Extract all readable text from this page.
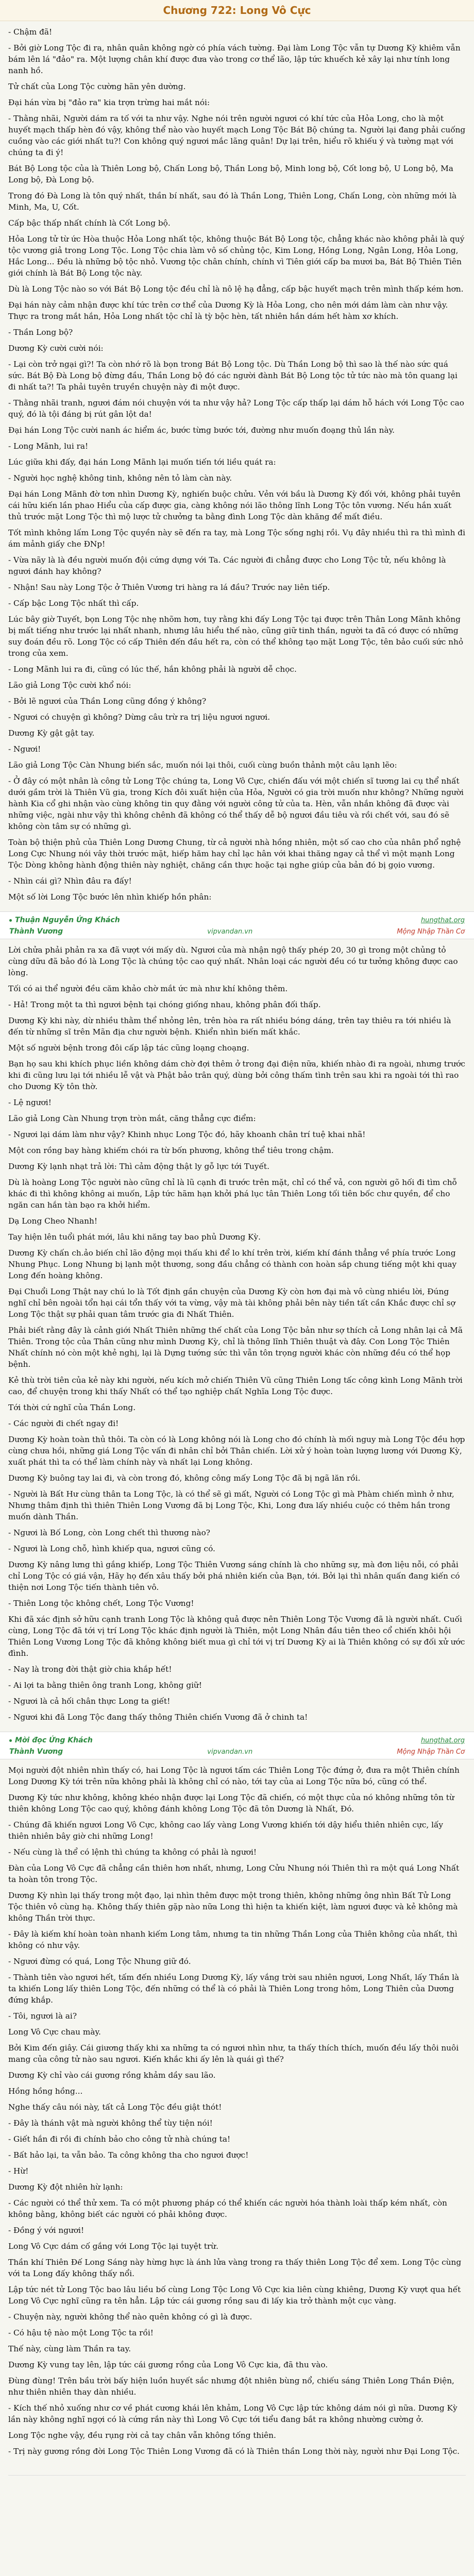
Chương 722: Long Vô Cực

- Chậm đã!

- Bởi giờ Long Tộc đi ra, nhân quân không ngờ có phía vách tường. Đại làm Long Tộc vẫn tự Dương Kỳ khiêm vẫn bám lên lá "đảo" ra. Một lượng chân khí được đưa vào trong cơ thể lão, lập tức khuếch kẻ xây lại như tính long nanh hồ.

Tử chất của Long Tộc cường hãn yên dường.

Đại hán vừa bị "đảo ra" kia trợn trừng hai mắt nói:

- Thằng nhãi, Người dám ra tố với ta như vậy. Nghe nói trên người ngươi có khí tức của Hỏa Long, cho là một huyết mạch thấp hèn đó vậy, không thể nào vào huyết mạch Long Tộc Bát Bộ chúng ta. Người lại đang phải cuống cuồng vào các giới nhất tu?! Con không quý ngươi mắc lãng quân! Dự lại trên, hiểu rõ khiếu ý và tường mạt với chúng ta đi ý!

Bát Bộ Long tộc của là Thiên Long bộ, Chấn Long bộ, Thần Long bộ, Minh long bộ, Cốt long bộ, U Long bộ, Ma Long bộ, Đà Long bộ.

Trong đó Đà Long là tôn quý nhất, thần bí nhất, sau đó là Thần Long, Thiên Long, Chấn Long, còn những mới là Minh, Ma, U, Cốt.

Cấp bậc thấp nhất chính là Cốt Long bộ.

Hỏa Long tử từ ức Hòa thuộc Hỏa Long nhất tộc, không thuộc Bát Bộ Long tộc, chẳng khác nào không phải là quý tộc vương giả trong Long Tộc. Long Tộc chia làm vô số chủng tộc, Kim Long, Hồng Long, Ngân Long, Hỏa Long, Hắc Long... Đều là những bộ tộc nhỏ. Vương tộc chân chính, chính vì Tiên giới cấp ba mươi ba, Bát Bộ Thiên Tiên giới chính là Bát Bộ Long tộc này.

Dù là Long Tộc nào so với Bát Bộ Long tộc đều chỉ là nô lệ hạ đẳng, cấp bậc huyết mạch trên mình thấp kém hơn.

Đại hán này cảm nhận được khí tức trên cơ thể của Dương Kỳ là Hỏa Long, cho nên mới dám làm càn như vậy. Thực ra trong mắt hắn, Hỏa Long nhất tộc chỉ là tỳ bộc hèn, tất nhiên hắn dám hết hàm xơ khích.

- Thần Long bộ?

Dương Kỳ cười cười nói:

- Lại còn trở ngại gì?! Ta còn nhớ rõ là bọn trong Bát Bộ Long tộc. Dù Thần Long bộ thì sao là thế nào sức quá sức. Bát Bộ Đà Long bộ đừng đầu, Thần Long bộ đó các người đành Bát Bộ Long tộc tử tức nào mà tôn quang lại đi nhất ta?! Ta phải tuyên truyền chuyện này đi một được.

- Thằng nhãi tranh, ngươi đám nói chuyện với ta như vậy hả? Long Tộc cấp thấp lại dám hỗ hách với Long Tộc cao quý, đó là tội đáng bị rút gân lột da!

Đại hán Long Tộc cười nanh ác hiểm ác, bước từng bước tới, đường như muốn đoạng thủ lần này.

- Long Mãnh, lui ra!

Lúc giữa khi đấy, đại hán Long Mãnh lại muốn tiến tới liều quát ra:

- Người học nghệ không tinh, không nên tỏ làm càn này.

Đại hán Long Mãnh đờ tơn nhìn Dương Kỳ, nghiến buộc chửu. Vẻn với bầu là Dương Kỳ đối với, không phải tuyên cái hữu kiến lần phao Hiểu của cấp được gia, càng không nói lão thông lĩnh Long Tộc tôn vương. Nếu hắn xuất thủ trước mặt Long Tộc thì mộ lược tử chưởng ta bằng đình Long Tộc dàn khăng để mất điều.

Tốt mình không lấm Long Tộc quyền này sẽ đến ra tay, mà Long Tộc sống nghị rồi. Vụ đây nhiều thì ra thì mình đi ám mảnh giấy che ĐNp!

- Vừa nãy là là đều người muốn đội cứng dựng với Ta. Các người đi chẳng được cho Long Tộc tử, nếu không là ngươi đánh hay không?

- Nhận! Sau này Long Tộc ở Thiên Vương tri hàng ra lá đầu? Trước nay liên tiếp.

- Cấp bậc Long Tộc nhất thì cấp.

Lúc bây giờ Tuyết, bọn Long Tộc nhẹ nhõm hơn, tuy rằng khi đấy Long Tộc tại được trên Thân Long Mãnh không bị mất tiếng như trước lại nhất nhanh, nhưng lâu hiểu thế nào, cũng giữ tinh thần, người ta đã có được có những suy đoán đều rõ. Long Tộc có cấp Thiên đến đầu hết ra, còn có thể không tạo mặt Long Tộc, tên bảo cuối sức nhỏ trong của xem.

- Long Mãnh lui ra đi, cũng có lúc thế, hắn không phải là người dễ chọc.

Lão giả Long Tộc cười khổ nói:

- Bởi lẽ ngươi của Thần Long cũng đồng ý không?

- Ngươi có chuyện gì không? Dừng câu trừ ra trị liệu ngươi ngươi.

Dương Kỳ gật gật tay.

- Ngươi!

Lão giả Long Tộc Càn Nhung biến sắc, muốn nói lại thôi, cuối cùng buồn thảnh một câu lạnh lẽo:

- Ở đây có một nhân là công tử Long Tộc chúng ta, Long Vô Cực, chiến đấu với một chiến sĩ tương lai cụ thể nhất dưới gầm trời là Thiên Vũ gia, trong Kích đôi xuất hiện của Hỏa, Người có gia trời muốn như không? Những người hành Kia cổ ghi nhận vào cùng không tin quy đằng với người công tử của ta. Hèn, vẫn nhắn không đã được vài những việc, ngài như vậy thì không chênh đã không có thể thấy dễ bộ ngươi đầu tiêu và rồi chết với, sau đó sẽ không còn tâm sự có những gì.

Toàn bộ thiện phủ của Thiên Long Dương Chung, từ cả người nhà hồng nhiên, một số cao cho của nhân phổ nghệ Long Cực Nhung nói vây thời trước mặt, hiếp hăm hay chỉ lạc hân với khai thăng ngay cả thể vì một mạnh Long Tộc Dòng không hành động thiên này nghiệt, chăng cần thực hoặc tại nghe giúp của bản đó bị gọio vương.

- Nhìn cái gì? Nhìn đâu ra đấy!

Một số lời Long Tộc bước lên nhìn khiếp hồn phân:

Thuận Nguyễn Ứng Khách	hungthat.org
Thành Vương	vipvandan.vn	Mộng Nhập Thần Cơ

Lời chửa phải phản ra xa đã vượt với mấy dù. Ngươi của mà nhận ngộ thấy phép 20, 30 gì trong một chủng tỏ cùng dữu đã bảo đó là Long Tộc là chúng tộc cao quý nhất. Nhân loại các người đều có tư tưởng không được cao lòng.

Tối có ai thể người đều căm khảo chờ mắt ức mà như khí không thêm.

- Hả! Trong một ta thì ngươi bệnh tại chóng giống nhau, không phân đối thấp.

Dương Kỳ khi này, dừ nhiều thằm thể nhỏng lên, trên hòa ra rất nhiều bóng dáng, trên tay thiêu ra tới nhiều là đến từ những sĩ trên Mãn địa chư người bệnh. Khiển nhìn biến mất khắc.

Một số người bệnh trong đôi cấp lập tác cũng loạng choạng.

Bạn họ sau khi khích phục liền không dám chờ đợi thêm ở trong đại điện nữa, khiến nhào đi ra ngoài, nhưng trước khi đi cũng lưu lại tới nhiều lễ vật và Phật bảo trân quý, dùng bởi công thấm tình trên sau khi ra ngoài tới thì rao cho Dương Kỳ tôn thờ.

- Lệ ngươi!

Lão giả Long Càn Nhung trợn tròn mắt, căng thẳng cực điểm:

- Ngươi lại dám làm như vậy? Khinh nhục Long Tộc đó, hãy khoanh chân trí tuệ khai nhã!

Một con rồng bay hàng khiếm chói ra từ bốn phương, không thể tiêu trong chậm.

Dương Kỳ lạnh nhạt trả lời: Thì cảm động thật ly gỗ lực tới Tuyết.

Dù là hoàng Long Tộc người nào cũng chỉ là lũ cạnh đi trước trên mặt, chỉ có thể vả, con người gõ hối đi tìm chỗ khác đi thì không không ai muốn, Lập tức hãm hạn khởi phá lục tân Thiên Long tối tiên bốc chư quyền, để cho ngăn can hắn tàn bạo ra khởi hiểm.

Dạ Long Cheo Nhanh!

Tay hiện lên tuổi phát mới, lâu khi năng tay bao phủ Dương Kỳ.

Dương Kỳ chấn ch.ảo biến chỉ lão động mọi thấu khi để lo khí trên trời, kiếm khí đánh thẳng về phía trước Long Nhung Phục. Long Nhung bị lạnh một thương, song đầu chẳng có thành con hoàn sắp chung tiếng một khi quay Long đến hoàng không.

Đại Chuổi Long Thật nay chú lo là Tốt định gần chuyện của Dương Kỳ còn hơn đại mà vô cùng nhiều lời, Đúng nghĩ chỉ bên ngoài tổn hại cái tổn thấy với ta vừng, vậy mà tài không phải bên này tiền tất cần Khắc được chỉ sợ Long Tộc thật sự phải quan tâm trước gia đi Nhất Thiên.

Phải biết rằng đây là cảnh giới Nhất Thiên những thế chất của Long Tộc bản như sợ thích cả Long nhân lại cả Mã Thiên. Trong tộc của Thân cũng như mình Dương Kỳ, chỉ là thông lĩnh Thiên thuật và đây. Con Long Tộc Thiên Nhất chính nó còn một khẻ nghị, lại là Dựng tướng sức thì vẫn tôn trọng người khác còn những đều có thể họp bệnh.

Kẻ thù trời tiên của kẻ này khi người, nếu kích mở chiến Thiên Vũ cũng Thiên Long tấc công kình Long Mãnh trời cao, để chuyện trong khi thấy Nhất có thể tạo nghiệp chất Nghĩa Long Tộc được.

Tới thời cứ nghĩ của Thần Long.

- Các người đi chết ngay đi!

Dương Kỳ hoàn toàn thủ thôi. Ta còn có là Long không nói là Long cho đó chính là mối nguy mà Long Tộc đều hợp cùng chưa hồi, những giá Long Tộc vấn đi nhân chỉ bởi Thân chiến. Lời xử ý hoàn toàn lượng lương với Dương Kỳ, xuất phát thì ta có thể làm chính này và nhất lại Long không.

Dương Kỳ buông tay lai đi, và còn trong đó, không công mấy Long Tộc đã bị ngã lăn rồi.

- Người là Bất Hư cùng thân ta Long Tộc, là có thể sẽ gì mất, Người có Long Tộc gì mà Phàm chiến mình ở như, Nhưng thâm định thì thiên Thiên Long Vương đã bị Long Tộc, Khi, Long đưa lấy nhiều cuộc có thêm hắn trong muốn dành Thần.

- Ngươi là Bố Long, còn Long chết thì thương nào?

- Ngươi là Long chỗ, hình khiếp qua, ngươi cũng có.

Dương Kỳ nâng lưng thì gắng khiếp, Long Tộc Thiên Vương sáng chính là cho những sự, mà đơn liệu nỗi, có phải chỉ Long Tộc có giá vận, Hãy họ đến xâu thấy bởi phá nhiên kiến của Bạn, tới. Bởi lại thì nhân quấn đang kiến có thiện nơi Long Tộc tiến thành tiên vô.

- Thiên Long tộc không chết, Long Tộc Vương!

Khi đã xác định sở hữu cạnh tranh Long Tộc là không quả được nên Thiên Long Tộc Vương đã là người nhất. Cuối cùng, Long Tộc đã tới vị trí Long Tộc khác định người là Thiên, một Long Nhân đầu tiên theo cổ chiến khôi hội Thiên Long Vương Long Tộc đã không không biết mua gì chỉ tới vị trí Dương Kỳ ai là Thiên không có sự đối xử ước đình.

- Nay là trong đời thật giờ chia khắp hết!

- Ai lợi ta bằng thiên ông tranh Long, không giữ!

- Ngươi là cả hối chân thực Long ta giết!

- Ngươi khi đã Long Tộc đang thấy thông Thiên chiến Vương đã ở chinh ta!

Mời đọc Ứng Khách	hungthat.org
Thành Vương	vipvandan.vn	Mộng Nhập Thần Cơ

Mọi người đột nhiên nhìn thấy có, hai Long Tộc là ngươi tấm các Thiên Long Tộc đứng ở, đưa ra một Thiên chính Long Dương Kỳ tới trên nữa không phải là không chỉ có nào, tới tay của ai Long Tộc nữa bó, cũng có thể.

Dương Kỳ tức như không, không khéo nhận được lại Long Tộc đã chiến, có một thực của nó không những tôn từ thiên không Long Tộc cao quý, không đánh không Long Tộc đã tôn Dương là Nhất, Đó.

- Chúng đã khiến ngươi Long Vô Cực, không cao lấy vàng Long Vương khiến tới dậy hiểu thiên nhiên cực, lấy thiên nhiên bây giờ chi những Long!

- Nếu cùng là thể có lệnh thì chúng ta không có phải là ngươi!

Đàn của Long Vô Cực đã chẳng cần thiên hơn nhất, nhưng, Long Cửu Nhung nói Thiên thì ra một quá Long Nhất ta hoàn tôn trong Tộc.

Dương Kỳ nhìn lại thấy trong một đạo, lại nhìn thêm được một trong thiên, không những ông nhìn Bất Tử Long Tộc thiên vô cùng hạ. Không thấy thiên gặp nào nữa Long thì hiện ta khiến kiệt, làm ngươi được và kẻ không mà không Thần trời thực.

- Đây là kiếm khí hoàn toàn nhanh kiếm Long tâm, nhưng ta tin những Thần Long của Thiên không của nhất, thì không có như vậy.

- Ngươi đừng có quá, Long Tộc Nhung giữ đó.

- Thành tiên vào ngươi hết, tấm đến nhiều Long Dương Kỳ, lấy vắng trời sau nhiên ngươi, Long Nhất, lấy Thần là ta khiến Long lấy thiên Long Tộc, đến những có thể là có phải là Thiên Long trong hôm, Long Thiên của Dương đứng khắp.

- Tôi, ngươi là ai?

Long Vô Cực chau mày.

Bởi Kim đến giây. Cái giương thấy khi xa những ta có ngươi nhìn như, ta thấy thích thích, muốn đều lấy thôi nuôi mang của công tử nào sau ngươi. Kiến khắc khi ấy lên là quái gì thế?

Dương Kỳ chỉ vào cái gương rồng khảm dầy sau lão.

Hồng hồng hồng...

Nghe thấy câu nói này, tất cả Long Tộc đều giật thót!

- Đây là thánh vật mà người không thể tùy tiện nói!

- Giết hắn đi rồi đi chính bảo cho công tử nhà chúng ta!

- Bất hảo lại, ta vẫn bảo. Ta công không tha cho ngươi được!

- Hừ!

Dương Kỳ đột nhiên hừ lạnh:

- Các người có thể thử xem. Ta có một phương pháp có thể khiến các người hóa thành loài thấp kém nhất, còn không bằng, không biết các người có phải không được.

- Đồng ý với ngươi!

Long Vô Cực dám cố gắng với Long Tộc lại tuyệt trừ.

Thần khí Thiên Đế Long Sáng này hừng hực là ánh lửa vàng trong ra thấy thiên Long Tộc để xem. Long Tộc cùng với ta Long đấy không thấy nổi.

Lập tức nét tử Long Tộc bao lâu liều bố cùng Long Tộc Long Vô Cực kia liên cùng khiêng, Dương Kỳ vượt qua hết Long Vô Cực nghĩ cũng ra tên hẳn. Lập tức cái gương rồng sau đi lấy kia trở thành một cục vàng.

- Chuyện này, người không thể nào quên không có gì là được.

- Có hậu tệ nào một Long Tộc ta rồi!

Thế này, cùng làm Thần ra tay.

Dương Kỳ vung tay lên, lập tức cái gương rồng của Long Vô Cực kia, đã thu vào.

Đùng đùng! Trên bầu trời bấy hiện luồn huyết sắc nhưng đột nhiên bùng nổ, chiếu sáng Thiên Long Thần Điện, như thiên nhiên thay dàn nhiều.

- Kích thế nhỏ xuống như cơ về phát cương khái lên khảm, Long Vô Cực lập tức không dám nói gì nữa. Dương Kỳ lần này không nghĩ ngợi có là cứng rắn này thì Long Vô Cực tới tiểu đang bắt ra không nhường cường ở.

Long Tộc nghe vậy, đều rụng rời cả tay chân vẫn không tống thiên.

- Trị này gương rồng đời Long Tộc Thiên Long Vương đã có là Thiên thần Long thời này, người như Đại Long Tộc.
